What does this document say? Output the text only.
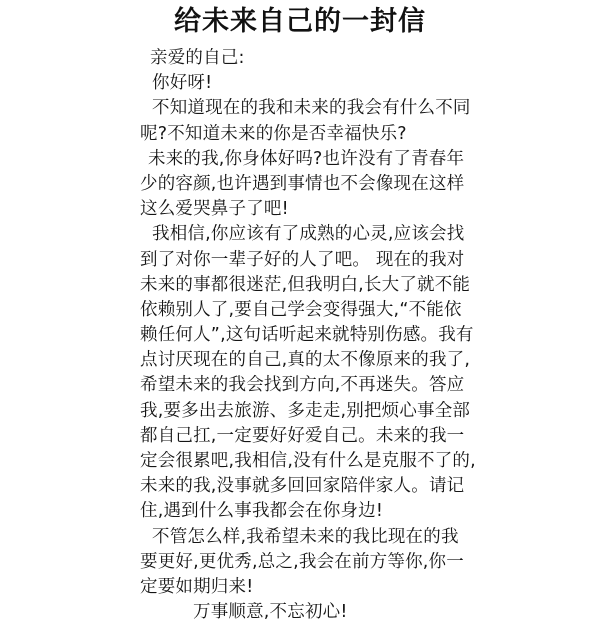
给未来自己的一封信
亲爱的自己:
你好呀!
不知道现在的我和未来的我会有什么不同
呢?不知道未来的你是否幸福快乐?
未来的我,你身体好吗?也许没有了青春年
少的容颜,也许遇到事情也不会像现在这样
这么爱哭鼻子了吧!
我相信,你应该有了成熟的心灵,应该会找
到了对你一辈子好的人了吧。 现在的我对
未来的事都很迷茫,但我明白,长大了就不能
依赖别人了,要自己学会变得强大,“不能依
赖任何人”,这句话听起来就特别伤感。我有
点讨厌现在的自己,真的太不像原来的我了,
希望未来的我会找到方向,不再迷失。答应
我,要多出去旅游、多走走,别把烦心事全部
都自己扛,一定要好好爱自己。未来的我一
定会很累吧,我相信,没有什么是克服不了的,
未来的我,没事就多回回家陪伴家人。请记
住,遇到什么事我都会在你身边!
不管怎么样,我希望未来的我比现在的我
要更好,更优秀,总之,我会在前方等你,你一
定要如期归来!
万事顺意,不忘初心!
